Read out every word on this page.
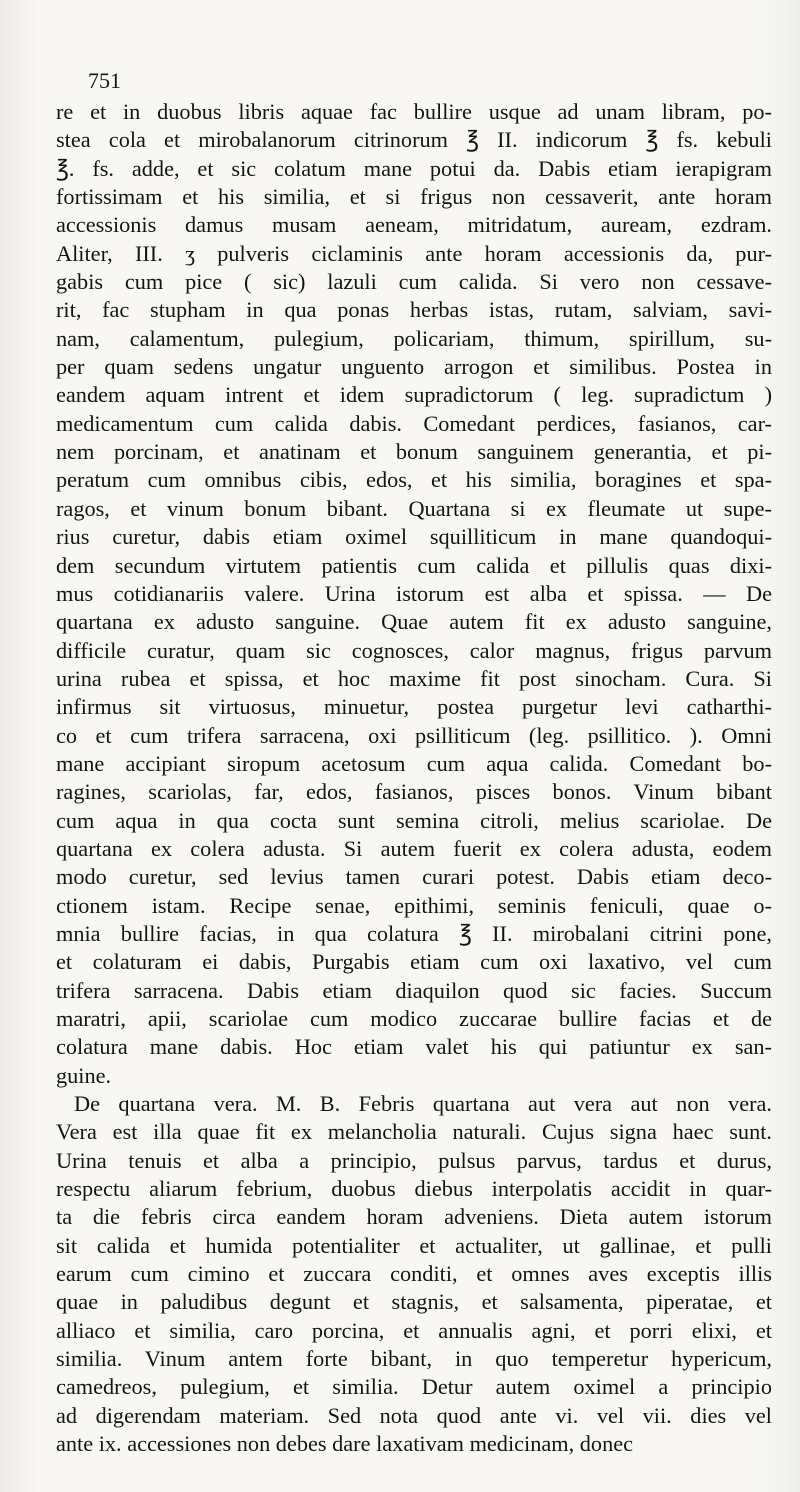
751
re et in duobus libris aquae fac bullire usque ad unam libram, po-
stea cola et mirobalanorum citrinorum ℥ II. indicorum ℥ fs. kebuli
℥. fs. adde, et sic colatum mane potui da. Dabis etiam ierapigram
fortissimam et his similia, et si frigus non cessaverit, ante horam
accessionis damus musam aeneam, mitridatum, auream, ezdram.
Aliter, III. ʒ pulveris ciclaminis ante horam accessionis da, pur-
gabis cum pice ( sic) lazuli cum calida. Si vero non cessave-
rit, fac stupham in qua ponas herbas istas, rutam, salviam, savi-
nam, calamentum, pulegium, policariam, thimum, spirillum, su-
per quam sedens ungatur unguento arrogon et similibus. Postea in
eandem aquam intrent et idem supradictorum ( leg. supradictum )
medicamentum cum calida dabis. Comedant perdices, fasianos, car-
nem porcinam, et anatinam et bonum sanguinem generantia, et pi-
peratum cum omnibus cibis, edos, et his similia, boragines et spa-
ragos, et vinum bonum bibant. Quartana si ex fleumate ut supe-
rius curetur, dabis etiam oximel squilliticum in mane quandoqui-
dem secundum virtutem patientis cum calida et pillulis quas dixi-
mus cotidianariis valere. Urina istorum est alba et spissa. — De
quartana ex adusto sanguine. Quae autem fit ex adusto sanguine,
difficile curatur, quam sic cognosces, calor magnus, frigus parvum
urina rubea et spissa, et hoc maxime fit post sinocham. Cura. Si
infirmus sit virtuosus, minuetur, postea purgetur levi catharthi-
co et cum trifera sarracena, oxi psilliticum (leg. psillitico. ). Omni
mane accipiant siropum acetosum cum aqua calida. Comedant bo-
ragines, scariolas, far, edos, fasianos, pisces bonos. Vinum bibant
cum aqua in qua cocta sunt semina citroli, melius scariolae. De
quartana ex colera adusta. Si autem fuerit ex colera adusta, eodem
modo curetur, sed levius tamen curari potest. Dabis etiam deco-
ctionem istam. Recipe senae, epithimi, seminis feniculi, quae o-
mnia bullire facias, in qua colatura ℥ II. mirobalani citrini pone,
et colaturam ei dabis, Purgabis etiam cum oxi laxativo, vel cum
trifera sarracena. Dabis etiam diaquilon quod sic facies. Succum
maratri, apii, scariolae cum modico zuccarae bullire facias et de
colatura mane dabis. Hoc etiam valet his qui patiuntur ex san-
guine.
De quartana vera. M. B. Febris quartana aut vera aut non vera.
Vera est illa quae fit ex melancholia naturali. Cujus signa haec sunt.
Urina tenuis et alba a principio, pulsus parvus, tardus et durus,
respectu aliarum febrium, duobus diebus interpolatis accidit in quar-
ta die febris circa eandem horam adveniens. Dieta autem istorum
sit calida et humida potentialiter et actualiter, ut gallinae, et pulli
earum cum cimino et zuccara conditi, et omnes aves exceptis illis
quae in paludibus degunt et stagnis, et salsamenta, piperatae, et
alliaco et similia, caro porcina, et annualis agni, et porri elixi, et
similia. Vinum antem forte bibant, in quo temperetur hypericum,
camedreos, pulegium, et similia. Detur autem oximel a principio
ad digerendam materiam. Sed nota quod ante vi. vel vii. dies vel
ante ix. accessiones non debes dare laxativam medicinam, donec
